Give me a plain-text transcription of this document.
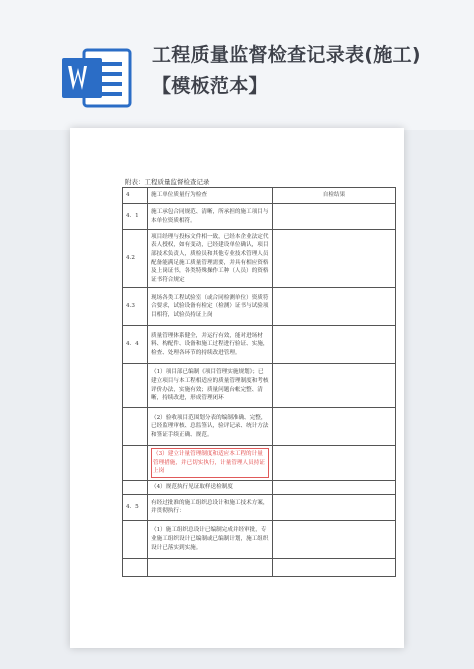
工程质量监督检查记录表(施工)【模板范本】

附表：工程质量监督检查记录

4	施工单位质量行为检查	自检结果
4．1	施工承包合同规范、清晰，所承担的施工项目与本单位资质相符。	
4.2	项目经理与投标文件相一致，已经本企业法定代表人授权，如有变动，已经建设单位确认，项目部技术负责人，质检员和其他专业技术管理人员配备能满足施工质量管理需要，并具有相应资格及上岗证书，各类特殊操作工种（人员）的资格证书符合规定	
4.3	现场各类工程试验室（或合同检测单位）资质符合要求，试验设备有检定（检测）证书与试验项目相符，试验员持证上岗	
4．4	质量管理体系健全，并运行有效，能对进场材料、构配件、设备和施工过程进行验证、实施，检查、处理各环节的持续改进管理。	
	（1）项目部已编制《项目管理实施规划》；已建立项目与本工程相适应的质量管理制度和考核评价办法，实施有效；质量问题台帐完整、清晰，持续改进，形成管理闭环	
	（2）验收项目范围划分表的编制准确、完整，已经监理审核、总监签认，验评记录、统计方法和签证手续正确、规范。	
	（3）建立计量管理制度和适应本工程的计量管理措施，并已切实执行，计量管理人员持证上岗	
	（4）规范执行见证取样送检制度	
4．5	有经过批准的施工组织总设计和施工技术方案，并贯彻执行：	
	（1）施工组织总设计已编制完成并经审批，专业施工组织设计已编制或已编制计划，施工组织设计已落实到实施。	
